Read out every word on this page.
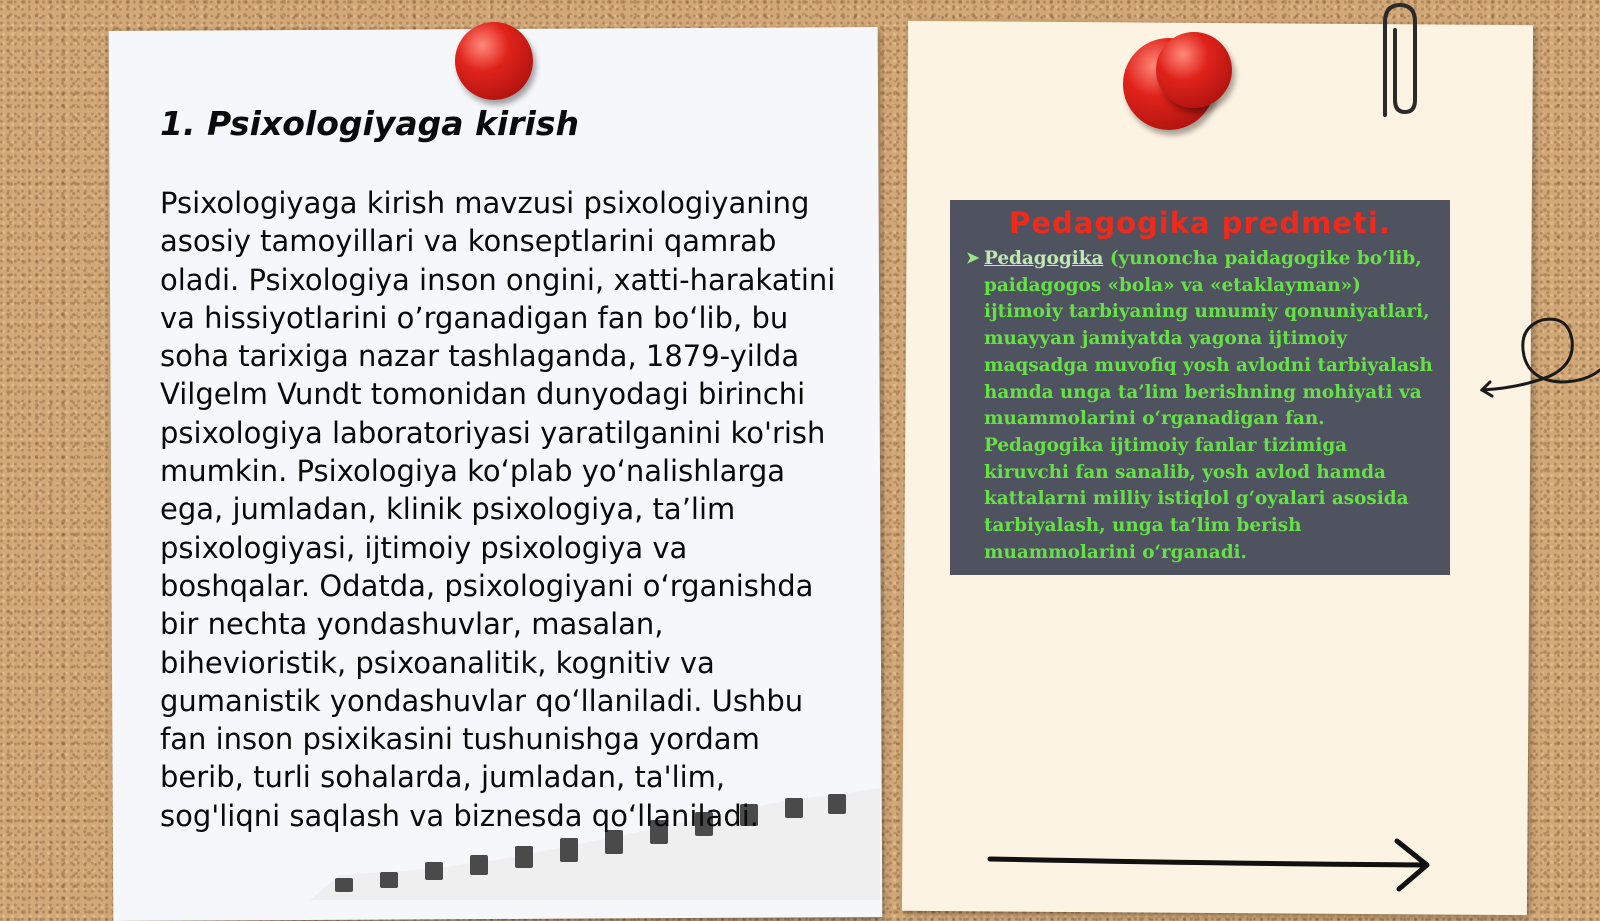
1. Psixologiyaga kirish

Psixologiyaga kirish mavzusi psixologiyaning asosiy tamoyillari va konseptlarini qamrab oladi. Psixologiya inson ongini, xatti-harakatini va hissiyotlarini o’rganadigan fan bo‘lib, bu soha tarixiga nazar tashlaganda, 1879-yilda Vilgelm Vundt tomonidan dunyodagi birinchi psixologiya laboratoriyasi yaratilganini ko'rish mumkin. Psixologiya ko‘plab yo‘nalishlarga ega, jumladan, klinik psixologiya, ta’lim psixologiyasi, ijtimoiy psixologiya va boshqalar. Odatda, psixologiyani o‘rganishda bir nechta yondashuvlar, masalan, bihevioristik, psixoanalitik, kognitiv va gumanistik yondashuvlar qo‘llaniladi. Ushbu fan inson psixikasini tushunishga yordam berib, turli sohalarda, jumladan, ta'lim, sog'liqni saqlash va biznesda qo‘llaniladi.

Pedagogika predmeti.
➤ Pedagogika (yunoncha paidagogike bo‘lib, paidagogos «bola» va «etaklayman») ijtimoiy tarbiyaning umumiy qonuniyatlari, muayyan jamiyatda yagona ijtimoiy maqsadga muvofiq yosh avlodni tarbiyalash hamda unga ta’lim berishning mohiyati va muammolarini o‘rganadigan fan. Pedagogika ijtimoiy fanlar tizimiga kiruvchi fan sanalib, yosh avlod hamda kattalarni milliy istiqlol g‘oyalari asosida tarbiyalash, unga ta‘lim berish muammolarini o‘rganadi.
